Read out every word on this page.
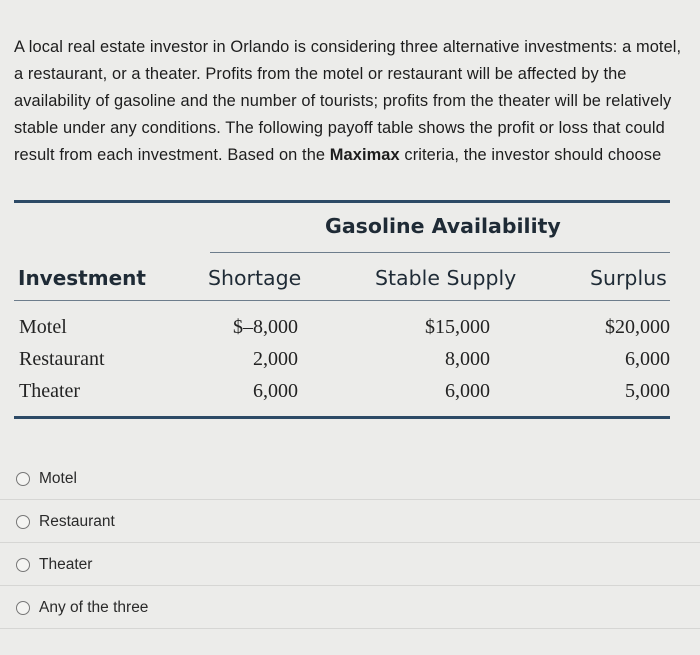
A local real estate investor in Orlando is considering three alternative investments: a motel, a restaurant, or a theater. Profits from the motel or restaurant will be affected by the availability of gasoline and the number of tourists; profits from the theater will be relatively stable under any conditions. The following payoff table shows the profit or loss that could result from each investment. Based on the Maximax criteria, the investor should choose
Gasoline Availability
Investment	Shortage	Stable Supply	Surplus
Motel	$–8,000	$15,000	$20,000
Restaurant	2,000	8,000	6,000
Theater	6,000	6,000	5,000
Motel
Restaurant
Theater
Any of the three
